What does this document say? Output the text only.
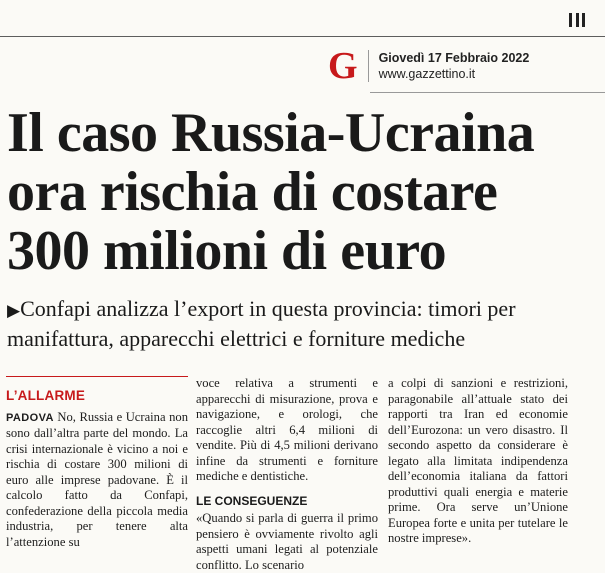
G Giovedì 17 Febbraio 2022
www.gazzettino.it
Il caso Russia-Ucraina
ora rischia di costare
300 milioni di euro
▶Confapi analizza l’export in questa provincia: timori per manifattura, apparecchi elettrici e forniture mediche
L’ALLARME
PADOVA No, Russia e Ucraina non sono dall’altra parte del mondo. La crisi internazionale è vicino a noi e rischia di costare 300 milioni di euro alle imprese padovane. È il calcolo fatto da Confapi, confederazione della piccola media industria, per tenere alta l’attenzione su
voce relativa a strumenti e apparecchi di misurazione, prova e navigazione, e orologi, che raccoglie altri 6,4 milioni di vendite. Più di 4,5 milioni derivano infine da strumenti e forniture mediche e dentistiche.
LE CONSEGUENZE
«Quando si parla di guerra il primo pensiero è ovviamente rivolto agli aspetti umani legati al potenziale conflitto. Lo scenario
a colpi di sanzioni e restrizioni, paragonabile all’attuale stato dei rapporti tra Iran ed economie dell’Eurozona: un vero disastro. Il secondo aspetto da considerare è legato alla limitata indipendenza dell’economia italiana da fattori produttivi quali energia e materie prime. Ora serve un’Unione Europea forte e unita per tutelare le nostre imprese».
